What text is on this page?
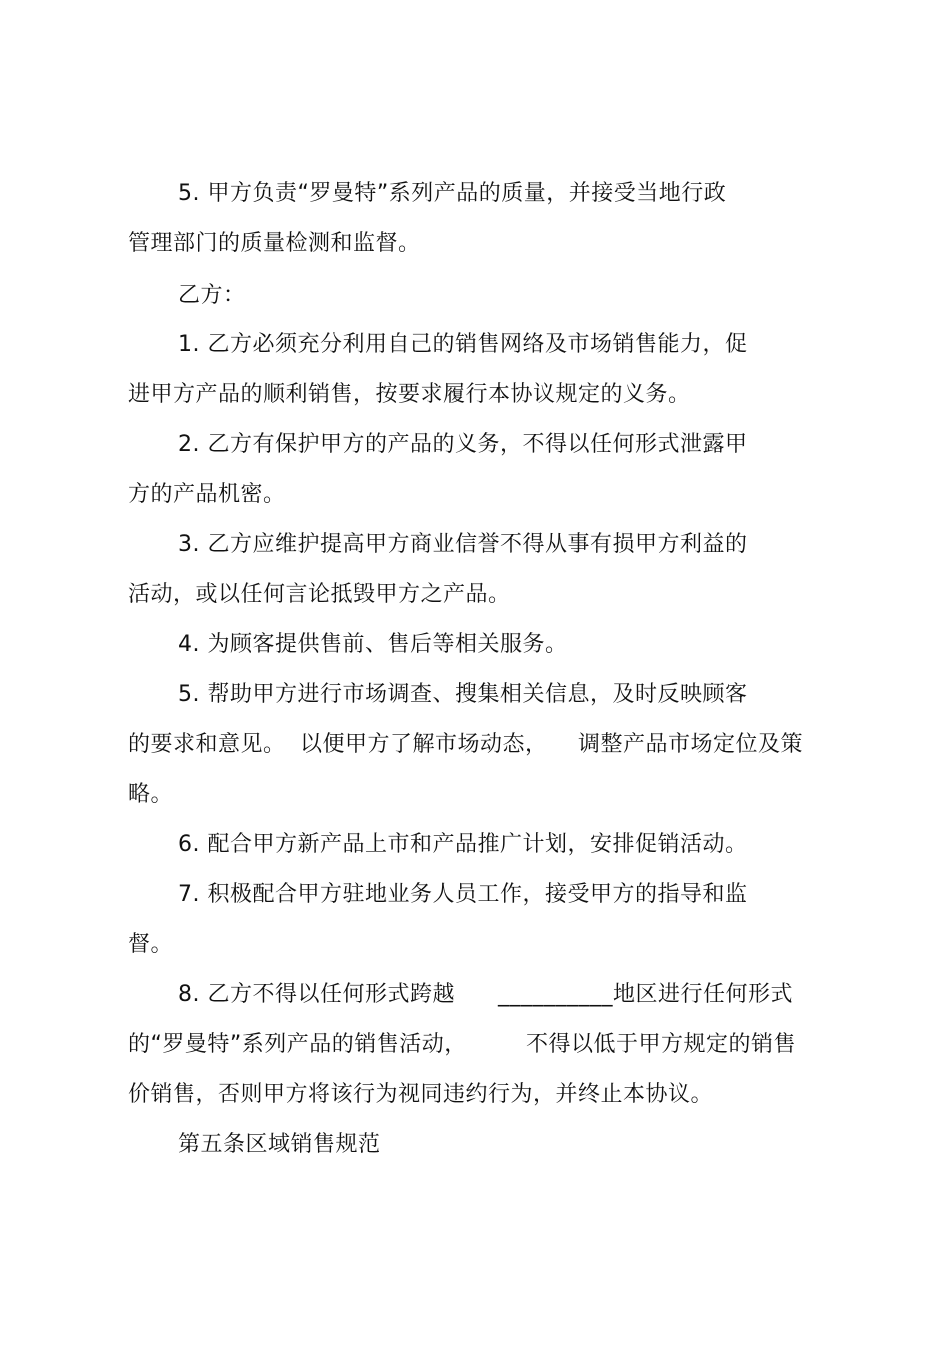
5. 甲方负责“罗曼特”系列产品的质量，并接受当地行政
管理部门的质量检测和监督。
乙方：
1. 乙方必须充分利用自己的销售网络及市场销售能力，促
进甲方产品的顺利销售，按要求履行本协议规定的义务。
2. 乙方有保护甲方的产品的义务，不得以任何形式泄露甲
方的产品机密。
3. 乙方应维护提高甲方商业信誉不得从事有损甲方利益的
活动，或以任何言论抵毁甲方之产品。
4. 为顾客提供售前、售后等相关服务。
5. 帮助甲方进行市场调查、搜集相关信息，及时反映顾客
的要求和意见。 以便甲方了解市场动态， 调整产品市场定位及策
略。
6. 配合甲方新产品上市和产品推广计划，安排促销活动。
7. 积极配合甲方驻地业务人员工作，接受甲方的指导和监
督。
8. 乙方不得以任何形式跨越 __________地区进行任何形式
的“罗曼特”系列产品的销售活动，	不得以低于甲方规定的销售
价销售，否则甲方将该行为视同违约行为，并终止本协议。
第五条区域销售规范
